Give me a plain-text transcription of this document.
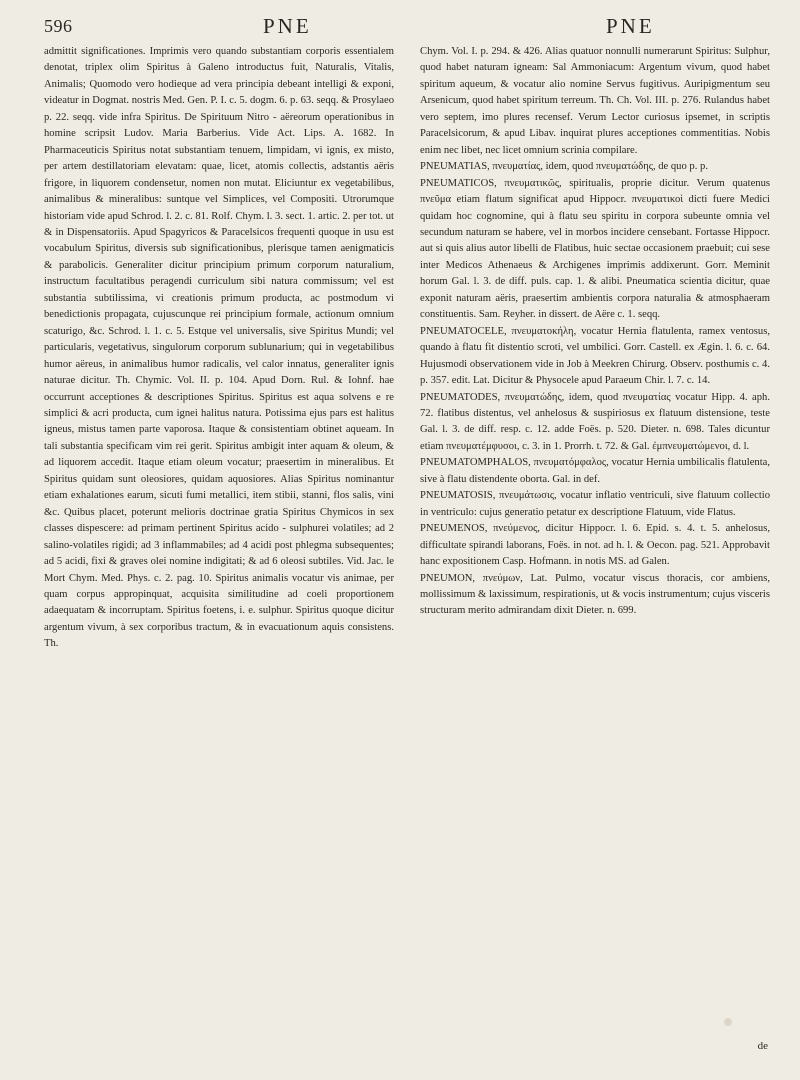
596	PNE	PNE

admittit significationes. Imprimis vero quando substantiam corporis essentialem denotat, triplex olim Spiritus à Galeno introductus fuit, Naturalis, Vitalis, Animalis; Quomodo vero hodieque ad vera principia debeant intelligi & exponi, videatur in Dogmat. nostris Med. Gen. P. I. c. 5. dogm. 6. p. 63. seqq. & Prosylaeo p. 22. seqq. vide infra Spiritus. De Spirituum Nitro - aëreorum operationibus in homine scripsit Ludov. Maria Barberius. Vide Act. Lips. A. 1682. In Pharmaceuticis Spiritus notat substantiam tenuem, limpidam, vi ignis, ex misto, per artem destillatoriam elevatam: quae, licet, atomis collectis, adstantis aëris frigore, in liquorem condensetur, nomen non mutat. Eliciuntur ex vegetabilibus, animalibus & mineralibus: suntque vel Simplices, vel Compositi. Utrorumque historiam vide apud Schrod. l. 2. c. 81. Rolf. Chym. l. 3. sect. 1. artic. 2. per tot. ut & in Dispensatoriis. Apud Spagyricos & Paracelsicos frequenti quoque in usu est vocabulum Spiritus, diversis sub significationibus, plerisque tamen aenigmaticis & parabolicis. Generaliter dicitur principium primum corporum naturalium, instructum facultatibus peragendi curriculum sibi natura commissum; vel est substantia subtilissima, vi creationis primum producta, ac postmodum vi benedictionis propagata, cujuscunque rei principium formale, actionum omnium scaturigo, &c. Schrod. l. 1. c. 5. Estque vel universalis, sive Spiritus Mundi; vel particularis, vegetativus, singulorum corporum sublunarium; qui in vegetabilibus humor aëreus, in animalibus humor radicalis, vel calor innatus, generaliter ignis naturae dicitur. Th. Chymic. Vol. II. p. 104. Apud Dorn. Rul. & Iohnf. hae occurrunt acceptiones & descriptiones Spiritus. Spiritus est aqua solvens e re simplici & acri producta, cum ignei halitus natura. Potissima ejus pars est halitus igneus, mistus tamen parte vaporosa. Itaque & consistentiam obtinet aqueam. In tali substantia specificam vim rei gerit. Spiritus ambigit inter aquam & oleum, & ad liquorem accedit. Itaque etiam oleum vocatur; praesertim in mineralibus. Et Spiritus quidam sunt oleosiores, quidam aquosiores. Alias Spiritus nominantur etiam exhalationes earum, sicuti fumi metallici, item stibii, stanni, flos salis, vini &c. Quibus placet, poterunt melioris doctrinae gratia Spiritus Chymicos in sex classes dispescere: ad primam pertinent Spiritus acido - sulphurei volatiles; ad 2 salino-volatiles rigidi; ad 3 inflammabiles; ad 4 acidi post phlegma subsequentes; ad 5 acidi, fixi & graves olei nomine indigitati; & ad 6 oleosi subtiles. Vid. Jac. le Mort Chym. Med. Phys. c. 2. pag. 10. Spiritus animalis vocatur vis animae, per quam corpus appropinquat, acquisita similitudine ad coeli proportionem adaequatam & incorruptam. Spiritus foetens, i. e. sulphur. Spiritus quoque dicitur argentum vivum, à sex corporibus tractum, & in evacuationum aquis consistens. Th.

Chym. Vol. I. p. 294. & 426. Alias quatuor nonnulli numerarunt Spiritus: Sulphur, quod habet naturam igneam: Sal Ammoniacum: Argentum vivum, quod habet spiritum aqueum, & vocatur alio nomine Servus fugitivus. Auripigmentum seu Arsenicum, quod habet spiritum terreum. Th. Ch. Vol. III. p. 276. Rulandus habet vero septem, imo plures recensef. Verum Lector curiosus ipsemet, in scriptis Paracelsicorum, & apud Libav. inquirat plures acceptiones commentitias. Nobis enim nec libet, nec licet omnium scrinia compilare.

PNEUMATIAS, πνευματίας, idem, quod πνευματώδης, de quo p. p.

PNEUMATICOS, πνευματικῶς, spiritualis, proprie dicitur. Verum quatenus πνεῦμα etiam flatum significat apud Hippocr. πνευματικοὶ dicti fuere Medici quidam hoc cognomine, qui à flatu seu spiritu in corpora subeunte omnia vel secundum naturam se habere, vel in morbos incidere censebant. Fortasse Hippocr. aut si quis alius autor libelli de Flatibus, huic sectae occasionem praebuit; cui sese inter Medicos Athenaeus & Archigenes imprimis addixerunt. Gorr. Meminit horum Gal. l. 3. de diff. puls. cap. 1. & alibi. Pneumatica scientia dicitur, quae exponit naturam aëris, praesertim ambientis corpora naturalia & atmosphaeram constituentis. Sam. Reyher. in dissert. de Aëre c. 1. seqq.

PNEUMATOCELE, πνευματοκήλη, vocatur Hernia flatulenta, ramex ventosus, quando à flatu fit distentio scroti, vel umbilici. Gorr. Castell. ex Ægin. l. 6. c. 64. Hujusmodi observationem vide in Job à Meekren Chirurg. Observ. posthumis c. 4. p. 357. edit. Lat. Dicitur & Physocele apud Paraeum Chir. l. 7. c. 14.

PNEUMATODES, πνευματώδης, idem, quod πνευματίας vocatur Hipp. 4. aph. 72. flatibus distentus, vel anhelosus & suspiriosus ex flatuum distensione, teste Gal. l. 3. de diff. resp. c. 12. adde Foës. p. 520. Dieter. n. 698. Tales dicuntur etiam πνευματέμφυσοι, c. 3. in 1. Prorrh. t. 72. & Gal. ἐμπνευματώμενοι, d. l.

PNEUMATOMPHALOS, πνευματόμφαλος, vocatur Hernia umbilicalis flatulenta, sive à flatu distendente oborta. Gal. in def.

PNEUMATOSIS, πνευμάτωσις, vocatur inflatio ventriculi, sive flatuum collectio in ventriculo: cujus generatio petatur ex descriptione Flatuum, vide Flatus.

PNEUMENOS, πνεύμενος, dicitur Hippocr. l. 6. Epid. s. 4. t. 5. anhelosus, difficultate spirandi laborans, Foës. in not. ad h. l. & Oecon. pag. 521. Approbavit hanc expositionem Casp. Hofmann. in notis MS. ad Galen.

PNEUMON, πνεύμων, Lat. Pulmo, vocatur viscus thoracis, cor ambiens, mollissimum & laxissimum, respirationis, ut & vocis instrumentum; cujus visceris structuram merito admirandam dixit Dieter. n. 699.

de
